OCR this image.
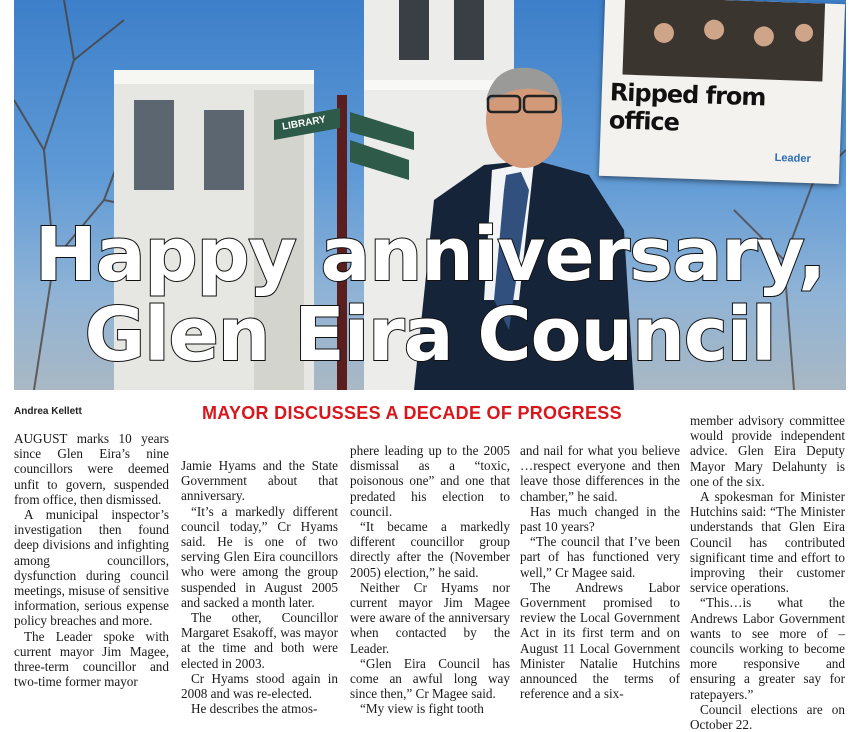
Ripped from office
Leader
Happy anniversary,
Glen Eira Council
LIBRARY
Andrea Kellett	MAYOR DISCUSSES A DECADE OF PROGRESS

AUGUST marks 10 years since Glen Eira’s nine councillors were deemed unfit to govern, suspended from office, then dismissed.

A municipal inspector’s investigation then found deep divisions and infighting among councillors, dysfunction during council meetings, misuse of sensitive information, serious expense policy breaches and more.

The Leader spoke with current mayor Jim Magee, three-term councillor and two-time former mayor

Jamie Hyams and the State Government about that anniversary.

“It’s a markedly different council today,” Cr Hyams said. He is one of two serving Glen Eira councillors who were among the group suspended in August 2005 and sacked a month later.

The other, Councillor Margaret Esakoff, was mayor at the time and both were elected in 2003.

Cr Hyams stood again in 2008 and was re-elected.

He describes the atmos-

phere leading up to the 2005 dismissal as a “toxic, poisonous one” and one that predated his election to council.

“It became a markedly different councillor group directly after the (November 2005) election,” he said.

Neither Cr Hyams nor current mayor Jim Magee were aware of the anniversary when contacted by the Leader.

“Glen Eira Council has come an awful long way since then,” Cr Magee said.

“My view is fight tooth

and nail for what you believe …respect everyone and then leave those differences in the chamber,” he said.

Has much changed in the past 10 years?

“The council that I’ve been part of has functioned very well,” Cr Magee said.

The Andrews Labor Government promised to review the Local Government Act in its first term and on August 11 Local Government Minister Natalie Hutchins announced the terms of reference and a six-

member advisory committee would provide independent advice. Glen Eira Deputy Mayor Mary Delahunty is one of the six.

A spokesman for Minister Hutchins said: “The Minister understands that Glen Eira Council has contributed significant time and effort to improving their customer service operations.

“This…is what the Andrews Labor Government wants to see more of – councils working to become more responsive and ensuring a greater say for ratepayers.”

Council elections are on October 22.
